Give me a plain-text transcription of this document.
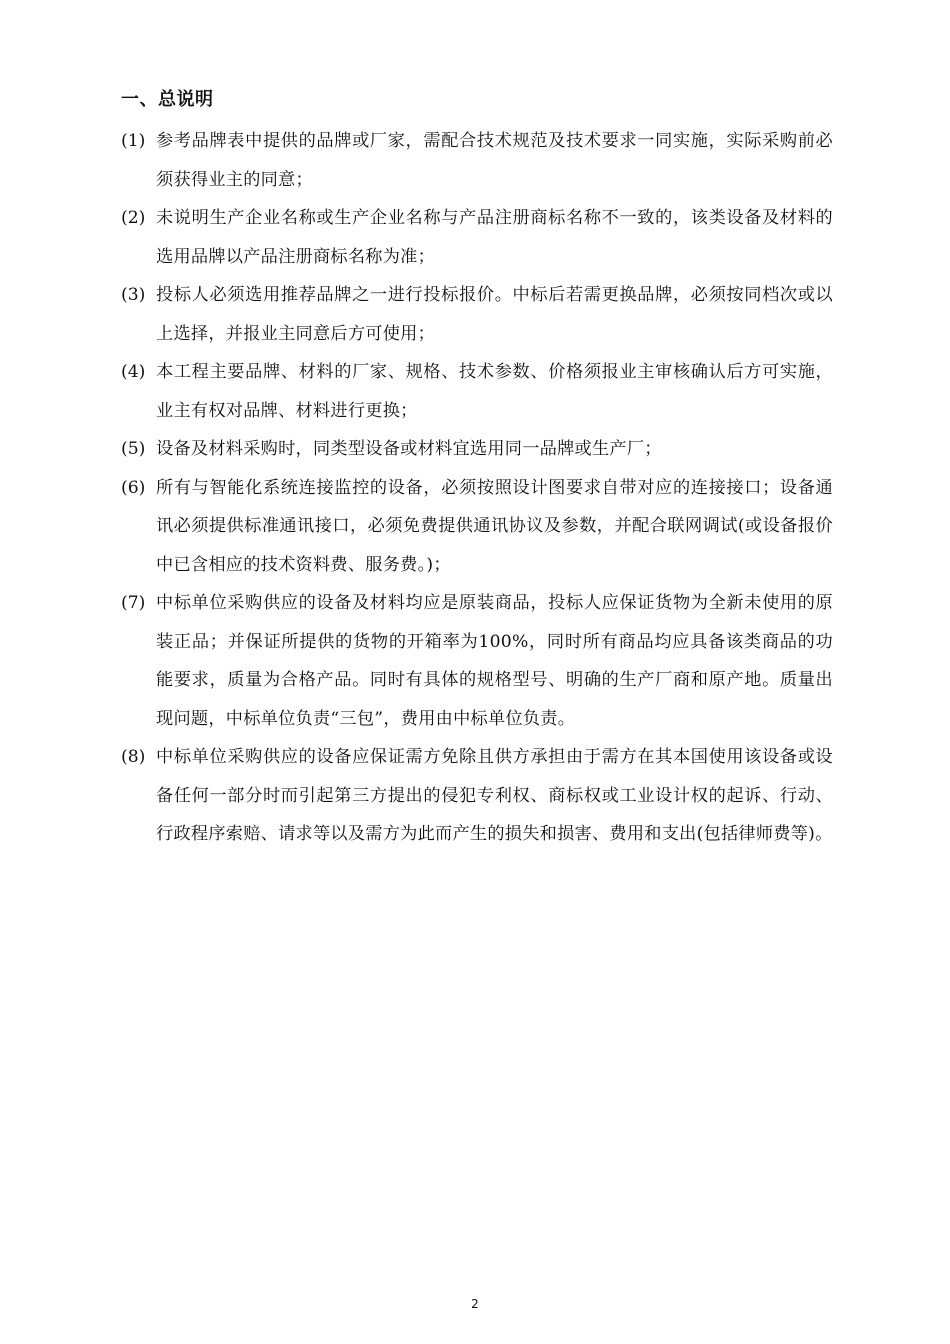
一、总说明
(1) 参考品牌表中提供的品牌或厂家，需配合技术规范及技术要求一同实施，实际采购前必须获得业主的同意；
(2) 未说明生产企业名称或生产企业名称与产品注册商标名称不一致的，该类设备及材料的选用品牌以产品注册商标名称为准；
(3) 投标人必须选用推荐品牌之一进行投标报价。中标后若需更换品牌，必须按同档次或以上选择，并报业主同意后方可使用；
(4) 本工程主要品牌、材料的厂家、规格、技术参数、价格须报业主审核确认后方可实施，业主有权对品牌、材料进行更换；
(5) 设备及材料采购时，同类型设备或材料宜选用同一品牌或生产厂；
(6) 所有与智能化系统连接监控的设备，必须按照设计图要求自带对应的连接接口；设备通讯必须提供标准通讯接口，必须免费提供通讯协议及参数，并配合联网调试(或设备报价中已含相应的技术资料费、服务费。)；
(7) 中标单位采购供应的设备及材料均应是原装商品，投标人应保证货物为全新未使用的原装正品；并保证所提供的货物的开箱率为100%，同时所有商品均应具备该类商品的功能要求，质量为合格产品。同时有具体的规格型号、明确的生产厂商和原产地。质量出现问题，中标单位负责“三包”，费用由中标单位负责。
(8) 中标单位采购供应的设备应保证需方免除且供方承担由于需方在其本国使用该设备或设备任何一部分时而引起第三方提出的侵犯专利权、商标权或工业设计权的起诉、行动、行政程序索赔、请求等以及需方为此而产生的损失和损害、费用和支出(包括律师费等)。
2
